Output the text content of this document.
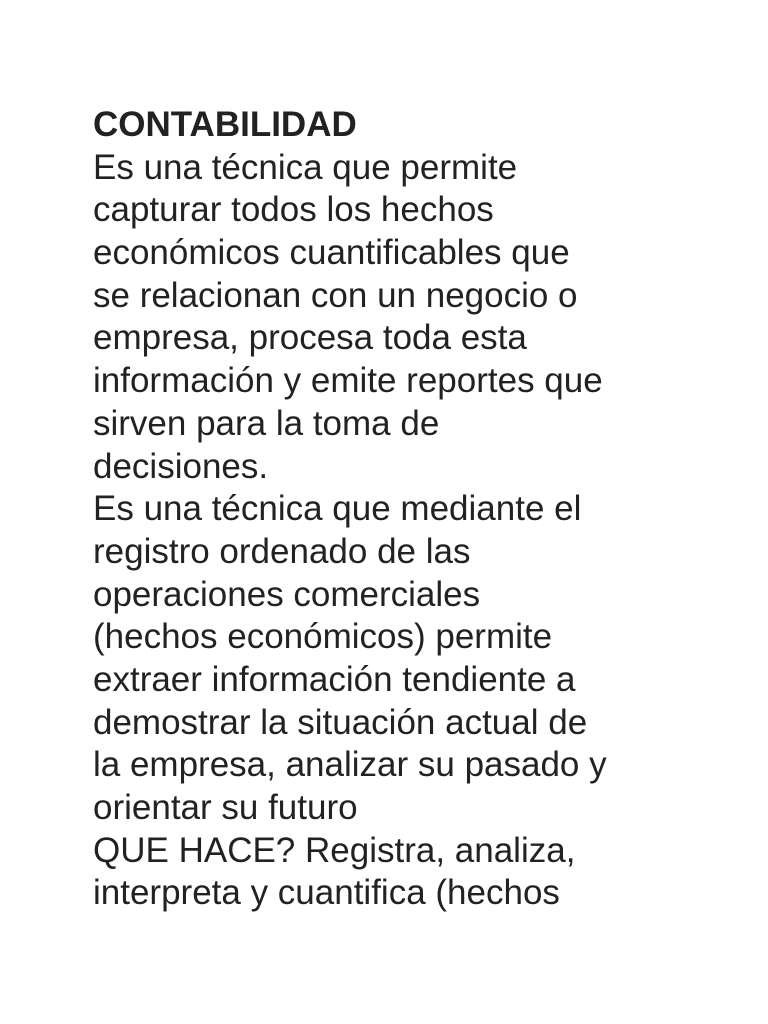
CONTABILIDAD
Es una técnica que permite
capturar todos los hechos
económicos cuantificables que
se relacionan con un negocio o
empresa, procesa toda esta
información y emite reportes que
sirven para la toma de
decisiones.
Es una técnica que mediante el
registro ordenado de las
operaciones comerciales
(hechos económicos) permite
extraer información tendiente a
demostrar la situación actual de
la empresa, analizar su pasado y
orientar su futuro
QUE HACE? Registra, analiza,
interpreta y cuantifica (hechos
